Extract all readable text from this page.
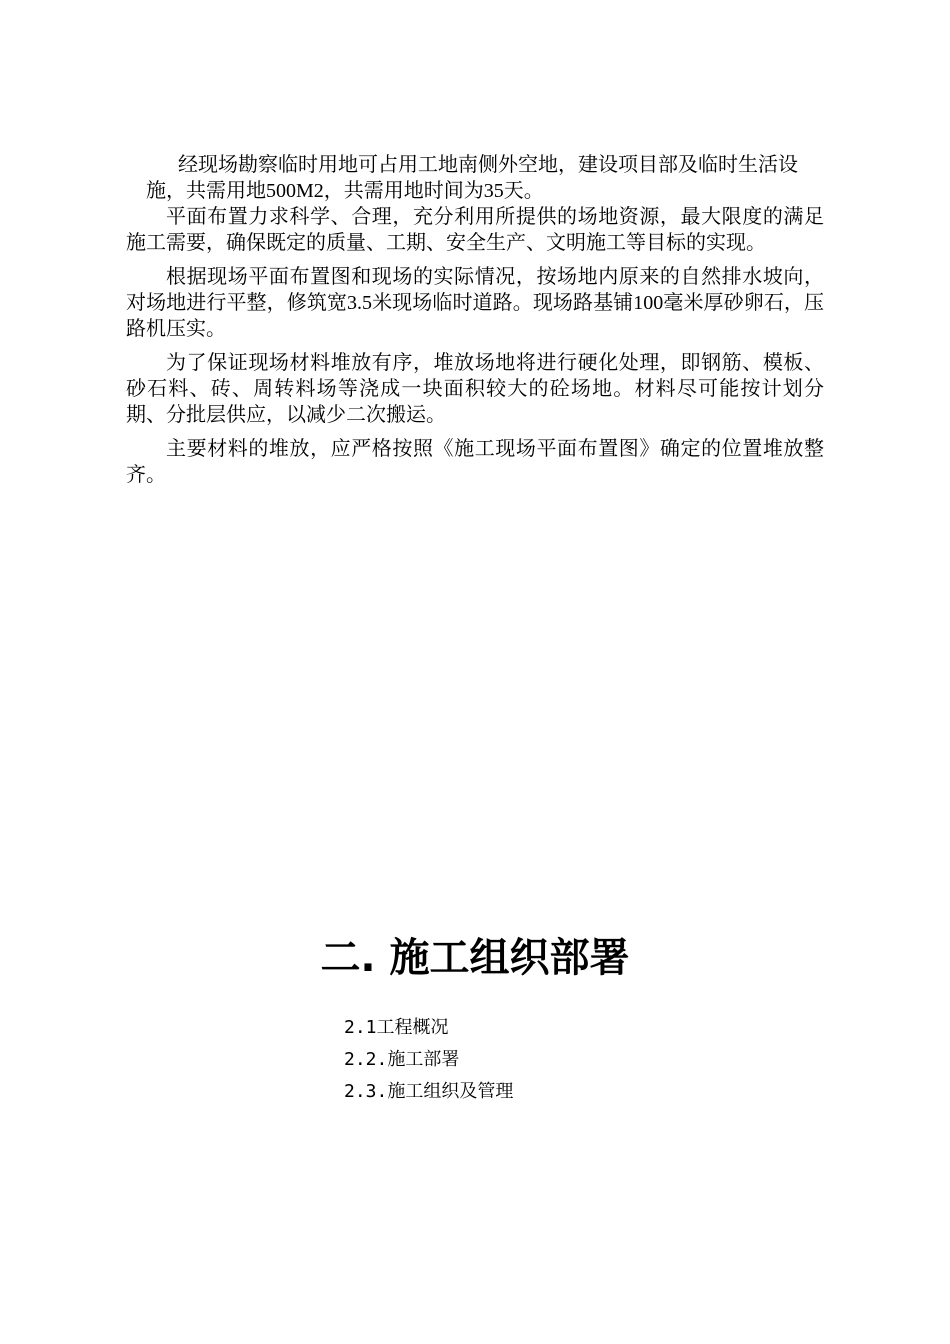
经现场勘察临时用地可占用工地南侧外空地，建设项目部及临时生活设施，共需用地500M2，共需用地时间为35天。

平面布置力求科学、合理，充分利用所提供的场地资源，最大限度的满足施工需要，确保既定的质量、工期、安全生产、文明施工等目标的实现。

根据现场平面布置图和现场的实际情况，按场地内原来的自然排水坡向，对场地进行平整，修筑宽3.5米现场临时道路。现场路基铺100毫米厚砂卵石，压路机压实。

为了保证现场材料堆放有序，堆放场地将进行硬化处理，即钢筋、模板、砂石料、砖、周转料场等浇成一块面积较大的砼场地。材料尽可能按计划分期、分批层供应，以减少二次搬运。

主要材料的堆放，应严格按照《施工现场平面布置图》确定的位置堆放整齐。

二. 施工组织部署
2.1工程概况
2.2.施工部署
2.3.施工组织及管理
